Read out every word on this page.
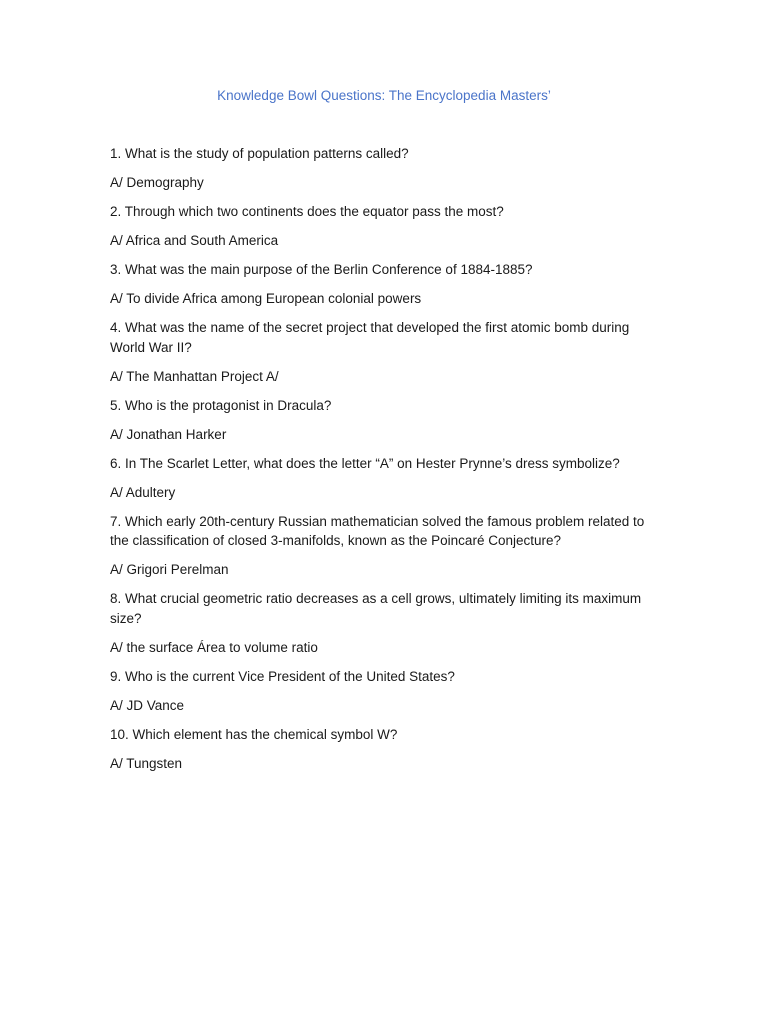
Knowledge Bowl Questions: The Encyclopedia Masters’

1. What is the study of population patterns called?

A/ Demography

2. Through which two continents does the equator pass the most?

A/ Africa and South America

3. What was the main purpose of the Berlin Conference of 1884-1885?

A/ To divide Africa among European colonial powers

4. What was the name of the secret project that developed the first atomic bomb during World War II?

A/ The Manhattan Project A/

5. Who is the protagonist in Dracula?

A/ Jonathan Harker

6. In The Scarlet Letter, what does the letter “A” on Hester Prynne’s dress symbolize?

A/ Adultery

7. Which early 20th-century Russian mathematician solved the famous problem related to the classification of closed 3-manifolds, known as the Poincaré Conjecture?

A/ Grigori Perelman

8. What crucial geometric ratio decreases as a cell grows, ultimately limiting its maximum size?

A/ the surface Área to volume ratio

9. Who is the current Vice President of the United States?

A/ JD Vance

10. Which element has the chemical symbol W?

A/ Tungsten
